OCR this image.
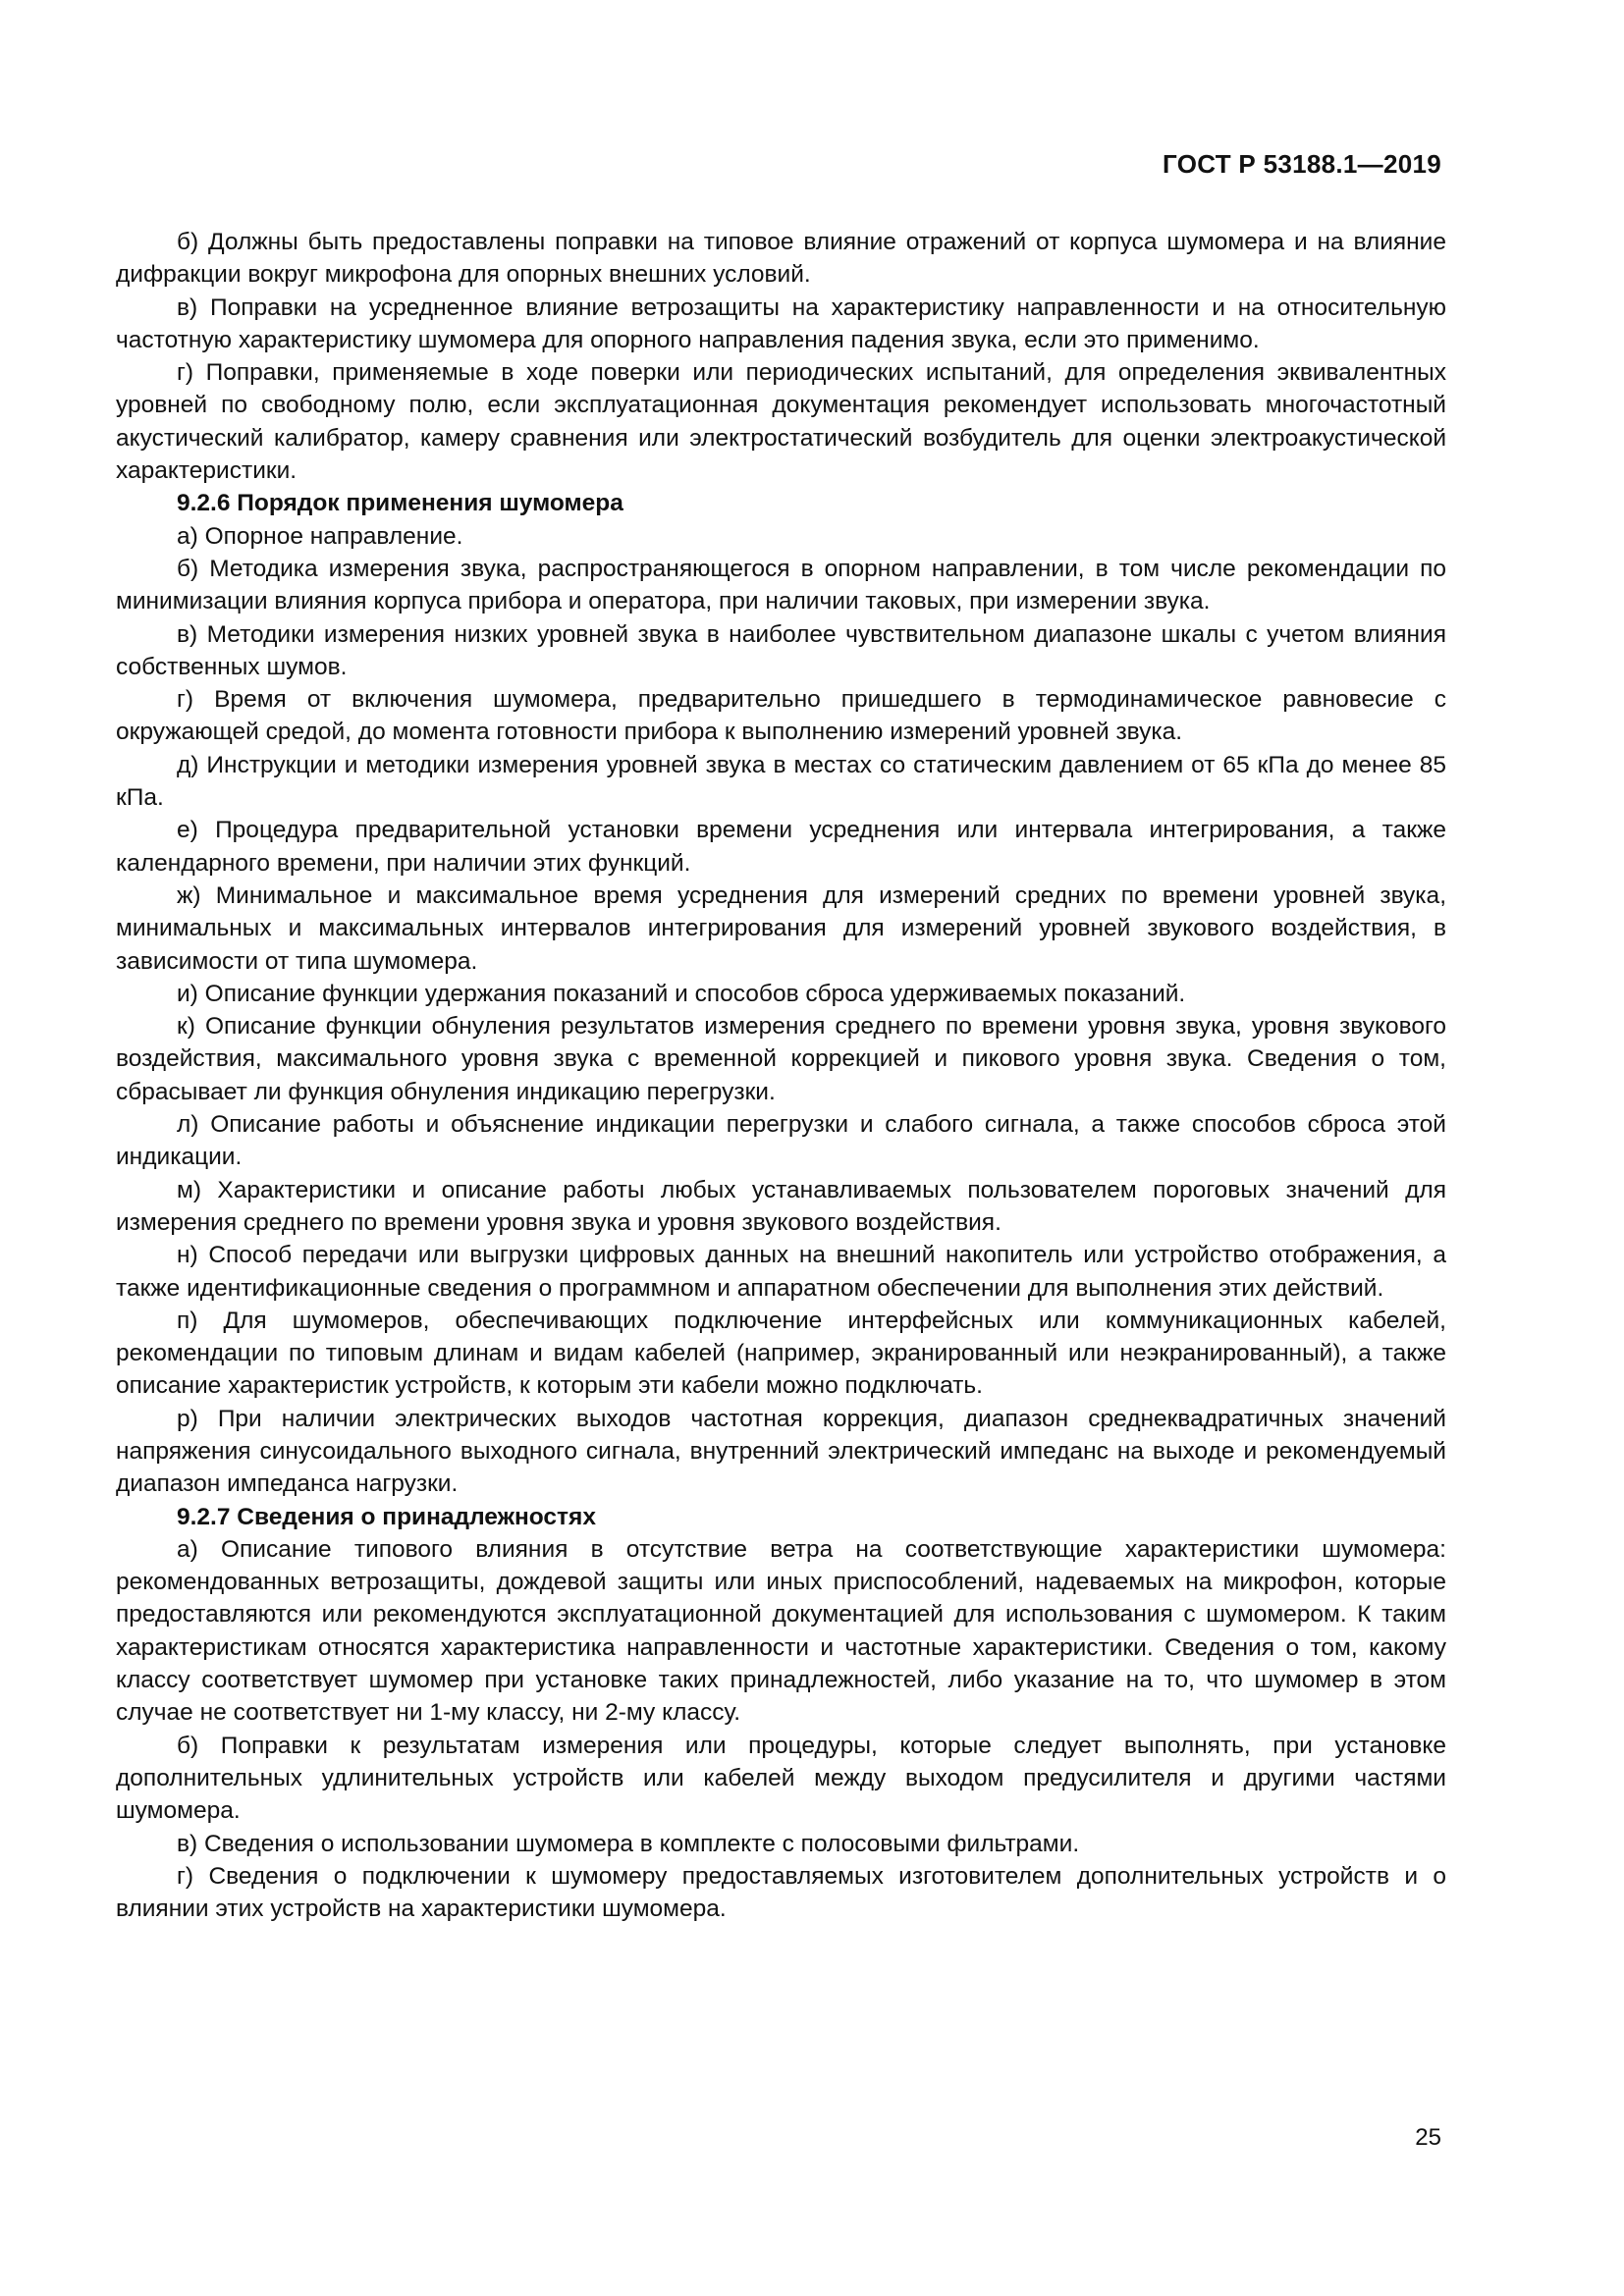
ГОСТ Р 53188.1—2019

б) Должны быть предоставлены поправки на типовое влияние отражений от корпуса шумомера и на влияние дифракции вокруг микрофона для опорных внешних условий.

в) Поправки на усредненное влияние ветрозащиты на характеристику направленности и на относительную частотную характеристику шумомера для опорного направления падения звука, если это применимо.

г) Поправки, применяемые в ходе поверки или периодических испытаний, для определения эквивалентных уровней по свободному полю, если эксплуатационная документация рекомендует использовать многочастотный акустический калибратор, камеру сравнения или электростатический возбудитель для оценки электроакустической характеристики.

9.2.6 Порядок применения шумомера

а) Опорное направление.

б) Методика измерения звука, распространяющегося в опорном направлении, в том числе рекомендации по минимизации влияния корпуса прибора и оператора, при наличии таковых, при измерении звука.

в) Методики измерения низких уровней звука в наиболее чувствительном диапазоне шкалы с учетом влияния собственных шумов.

г) Время от включения шумомера, предварительно пришедшего в термодинамическое равновесие с окружающей средой, до момента готовности прибора к выполнению измерений уровней звука.

д) Инструкции и методики измерения уровней звука в местах со статическим давлением от 65 кПа до менее 85 кПа.

е) Процедура предварительной установки времени усреднения или интервала интегрирования, а также календарного времени, при наличии этих функций.

ж) Минимальное и максимальное время усреднения для измерений средних по времени уровней звука, минимальных и максимальных интервалов интегрирования для измерений уровней звукового воздействия, в зависимости от типа шумомера.

и) Описание функции удержания показаний и способов сброса удерживаемых показаний.

к) Описание функции обнуления результатов измерения среднего по времени уровня звука, уровня звукового воздействия, максимального уровня звука с временной коррекцией и пикового уровня звука. Сведения о том, сбрасывает ли функция обнуления индикацию перегрузки.

л) Описание работы и объяснение индикации перегрузки и слабого сигнала, а также способов сброса этой индикации.

м) Характеристики и описание работы любых устанавливаемых пользователем пороговых значений для измерения среднего по времени уровня звука и уровня звукового воздействия.

н) Способ передачи или выгрузки цифровых данных на внешний накопитель или устройство отображения, а также идентификационные сведения о программном и аппаратном обеспечении для выполнения этих действий.

п) Для шумомеров, обеспечивающих подключение интерфейсных или коммуникационных кабелей, рекомендации по типовым длинам и видам кабелей (например, экранированный или неэкранированный), а также описание характеристик устройств, к которым эти кабели можно подключать.

р) При наличии электрических выходов частотная коррекция, диапазон среднеквадратичных значений напряжения синусоидального выходного сигнала, внутренний электрический импеданс на выходе и рекомендуемый диапазон импеданса нагрузки.

9.2.7 Сведения о принадлежностях

а) Описание типового влияния в отсутствие ветра на соответствующие характеристики шумомера: рекомендованных ветрозащиты, дождевой защиты или иных приспособлений, надеваемых на микрофон, которые предоставляются или рекомендуются эксплуатационной документацией для использования с шумомером. К таким характеристикам относятся характеристика направленности и частотные характеристики. Сведения о том, какому классу соответствует шумомер при установке таких принадлежностей, либо указание на то, что шумомер в этом случае не соответствует ни 1-му классу, ни 2-му классу.

б) Поправки к результатам измерения или процедуры, которые следует выполнять, при установке дополнительных удлинительных устройств или кабелей между выходом предусилителя и другими частями шумомера.

в) Сведения о использовании шумомера в комплекте с полосовыми фильтрами.

г) Сведения о подключении к шумомеру предоставляемых изготовителем дополнительных устройств и о влиянии этих устройств на характеристики шумомера.

25
